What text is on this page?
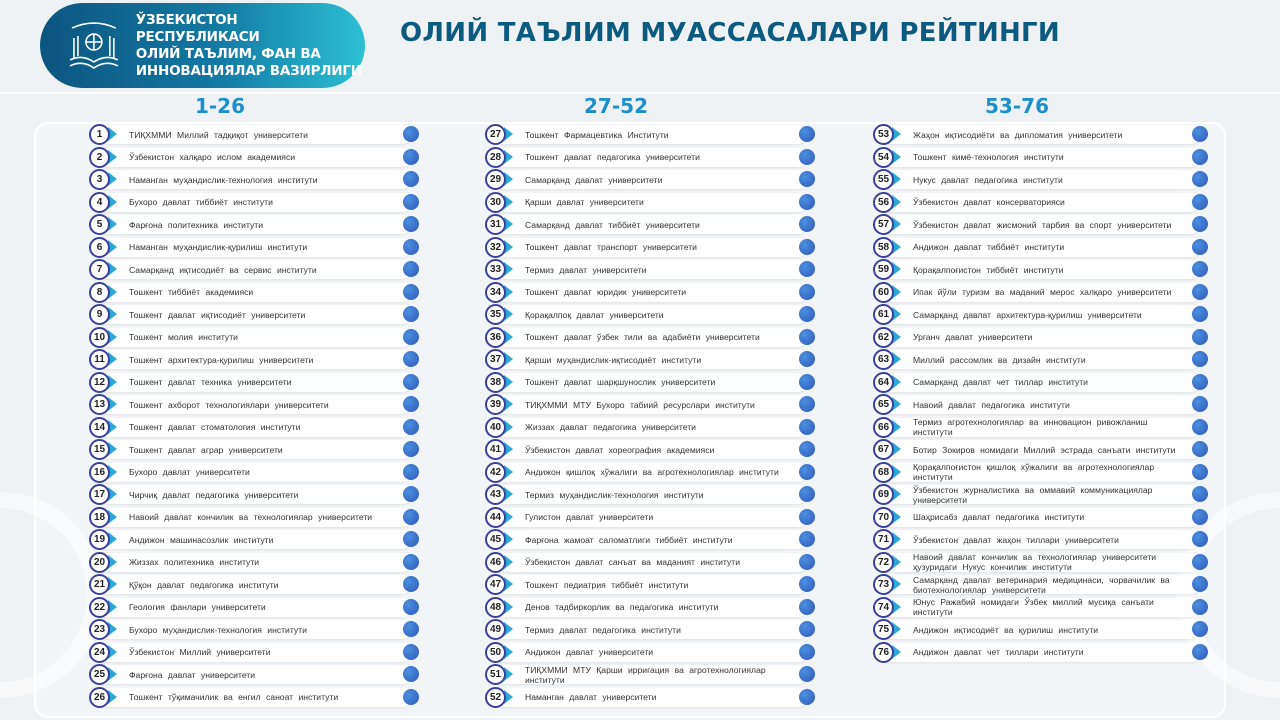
ЎЗБЕКИСТОН РЕСПУБЛИКАСИ
ОЛИЙ ТАЪЛИМ, ФАН ВА
ИННОВАЦИЯЛАР ВАЗИРЛИГИ
ОЛИЙ ТАЪЛИМ МУАССАСАЛАРИ РЕЙТИНГИ
1-26	27-52	53-76
1	ТИҚХММИ Миллий тадқиқот университети
2	Ўзбекистон халқаро ислом академияси
3	Наманган муҳандислик-технология институти
4	Бухоро давлат тиббиёт институти
5	Фарғона политехника институти
6	Наманган муҳандислик-қурилиш институти
7	Самарқанд иқтисодиёт ва сервис институти
8	Тошкент тиббиёт академияси
9	Тошкент давлат иқтисодиёт университети
10	Тошкент молия институти
11	Тошкент архитектура-қурилиш университети
12	Тошкент давлат техника университети
13	Тошкент ахборот технологиялари университети
14	Тошкент давлат стоматология институти
15	Тошкент давлат аграр университети
16	Бухоро давлат университети
17	Чирчиқ давлат педагогика университети
18	Навоий давлат кончилик ва технологиялар университети
19	Андижон машинасозлик институти
20	Жиззах политехника институти
21	Қўқон давлат педагогика институти
22	Геология фанлари университети
23	Бухоро муҳандислик-технология институти
24	Ўзбекистон Миллий университети
25	Фарғона давлат университети
26	Тошкент тўқимачилик ва енгил саноат институти
27	Тошкент Фармацевтика Институти
28	Тошкент давлат педагогика университети
29	Самарқанд давлат университети
30	Қарши давлат университети
31	Самарқанд давлат тиббиёт университети
32	Тошкент давлат транспорт университети
33	Термиз давлат университети
34	Тошкент давлат юридик университети
35	Қорақалпоқ давлат университети
36	Тошкент давлат ўзбек тили ва адабиёти университети
37	Қарши муҳандислик-иқтисодиёт институти
38	Тошкент давлат шарқшунослик университети
39	ТИҚХММИ МТУ Бухоро табиий ресурслари институти
40	Жиззах давлат педагогика университети
41	Ўзбекистон давлат хореография академияси
42	Андижон қишлоқ хўжалиги ва агротехнологиялар институти
43	Термиз муҳандислик-технология институти
44	Гулистон давлат университети
45	Фарғона жамоат саломатлиги тиббиёт институти
46	Ўзбекистон давлат санъат ва маданият институти
47	Тошкент педиатрия тиббиёт институти
48	Денов тадбиркорлик ва педагогика институти
49	Термиз давлат педагогика институти
50	Андижон давлат университети
51	ТИҚХММИ МТУ Қарши ирригация ва агротехнологиялар институти
52	Наманган давлат университети
53	Жаҳон иқтисодиёти ва дипломатия университети
54	Тошкент кимё-технология институти
55	Нукус давлат педагогика институти
56	Ўзбекистон давлат консерваторияси
57	Ўзбекистон давлат жисмоний тарбия ва спорт университети
58	Андижон давлат тиббиёт институти
59	Қорақалпоғистон тиббиёт институти
60	Ипак йўли туризм ва маданий мерос халқаро университети
61	Самарқанд давлат архитектура-қурилиш университети
62	Урганч давлат университети
63	Миллий рассомлик ва дизайн институти
64	Самарқанд давлат чет тиллар институти
65	Навоий давлат педагогика институти
66	Термиз агротехнологиялар ва инновацион ривожланиш институти
67	Ботир Зокиров номидаги Миллий эстрада санъати институти
68	Қорақалпоғистон қишлоқ хўжалиги ва агротехнологиялар институти
69	Ўзбекистон журналистика ва оммавий коммуникациялар университети
70	Шаҳрисабз давлат педагогика институти
71	Ўзбекистон давлат жаҳон тиллари университети
72	Навоий давлат кончилик ва технологиялар университети ҳузуридаги Нукус кончилик институти
73	Самарқанд давлат ветеринария медицинаси, чорвачилик ва биотехнологиялар университети
74	Юнус Ражабий номидаги Ўзбек миллий мусиқа санъати институти
75	Андижон иқтисодиёт ва қурилиш институти
76	Андижон давлат чет тиллари институти
